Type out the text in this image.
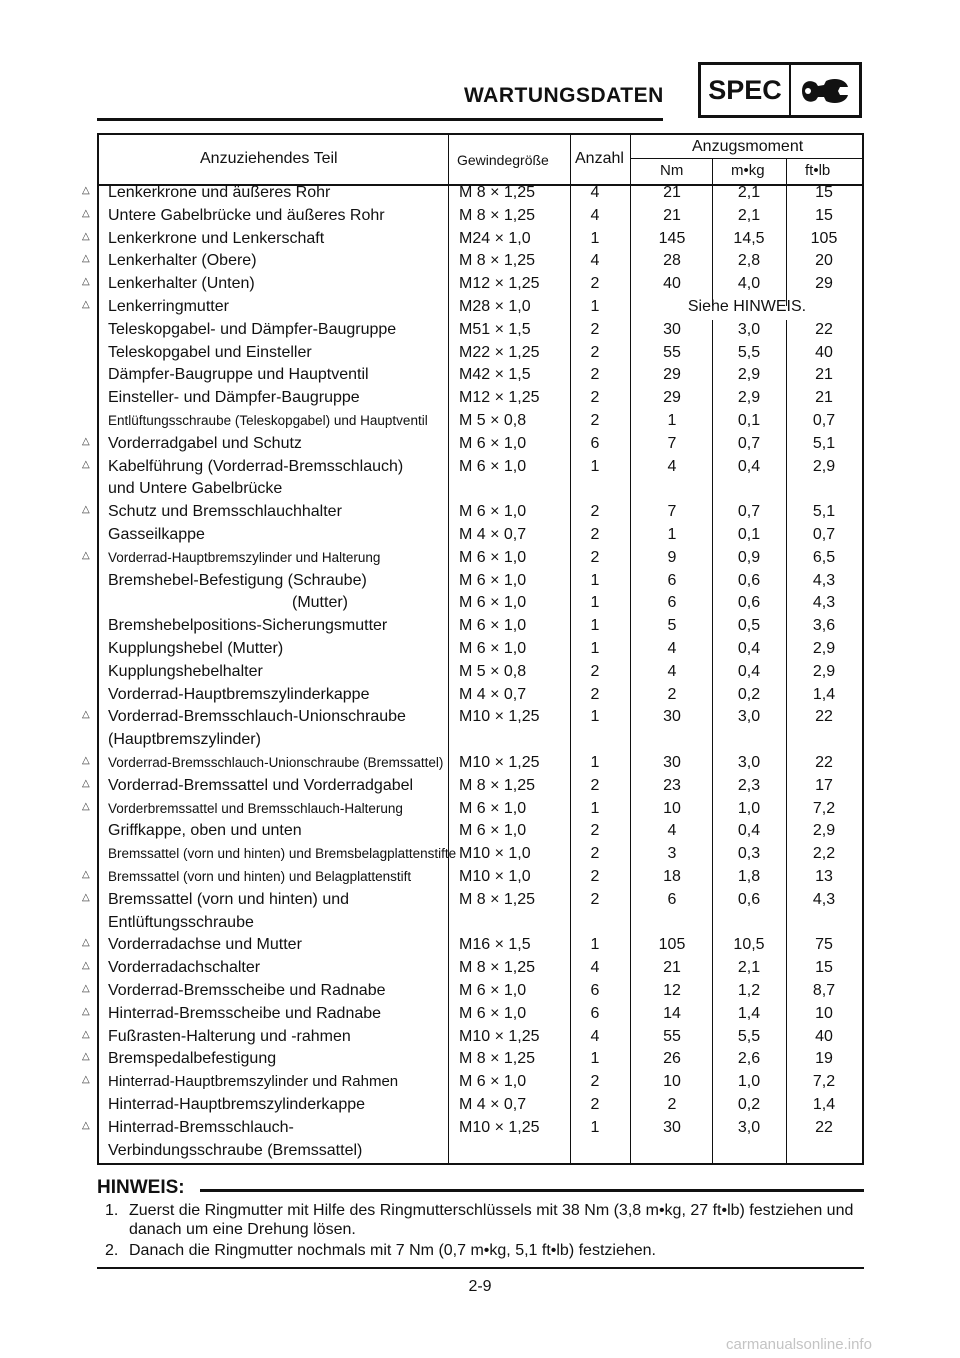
WARTUNGSDATEN SPEC
Anzuziehendes Teil	Gewindegröße Anzahl
Anzugsmoment
Nm	m•kg	ft•lb
△ Lenkerkrone und äußeres Rohr	M 8 × 1,25	4	21	2,1	15
△ Untere Gabelbrücke und äußeres Rohr	M 8 × 1,25	4	21	2,1	15
△ Lenkerkrone und Lenkerschaft	M24 × 1,0	1	145	14,5	105
△ Lenkerhalter (Obere)	M 8 × 1,25	4	28	2,8	20
△ Lenkerhalter (Unten)	M12 × 1,25	2	40	4,0	29
△ Lenkerringmutter	M28 × 1,0	1	Siehe HINWEIS.
Teleskopgabel- und Dämpfer-Baugruppe	M51 × 1,5	2	30	3,0	22
Teleskopgabel und Einsteller	M22 × 1,25	2	55	5,5	40
Dämpfer-Baugruppe und Hauptventil	M42 × 1,5	2	29	2,9	21
Einsteller- und Dämpfer-Baugruppe	M12 × 1,25	2	29	2,9	21
Entlüftungsschraube (Teleskopgabel) und Hauptventil M 5 × 0,8	2	1	0,1	0,7
△ Vorderradgabel und Schutz	M 6 × 1,0	6	7	0,7	5,1
△ Kabelführung (Vorderrad-Bremsschlauch)	M 6 × 1,0	1	4	0,4	2,9
und Untere Gabelbrücke
△ Schutz und Bremsschlauchhalter	M 6 × 1,0	2	7	0,7	5,1
Gasseilkappe	M 4 × 0,7	2	1	0,1	0,7
△ Vorderrad-Hauptbremszylinder und Halterung	M 6 × 1,0	2	9	0,9	6,5
Bremshebel-Befestigung (Schraube)	M 6 × 1,0	1	6	0,6	4,3
(Mutter)	M 6 × 1,0	1	6	0,6	4,3
Bremshebelpositions-Sicherungsmutter	M 6 × 1,0	1	5	0,5	3,6
Kupplungshebel (Mutter)	M 6 × 1,0	1	4	0,4	2,9
Kupplungshebelhalter	M 5 × 0,8	2	4	0,4	2,9
Vorderrad-Hauptbremszylinderkappe	M 4 × 0,7	2	2	0,2	1,4
△ Vorderrad-Bremsschlauch-Unionschraube	M10 × 1,25	1	30	3,0	22
(Hauptbremszylinder)
△ Vorderrad-Bremsschlauch-Unionschraube (Bremssattel) M10 × 1,25	1	30	3,0	22
△ Vorderrad-Bremssattel und Vorderradgabel	M 8 × 1,25	2	23	2,3	17
△ Vorderbremssattel und Bremsschlauch-Halterung	M 6 × 1,0	1	10	1,0	7,2
Griffkappe, oben und unten	M 6 × 1,0	2	4	0,4	2,9
Bremssattel (vorn und hinten) und Bremsbelagplattenstifte M10 × 1,0	2	3	0,3	2,2
△ Bremssattel (vorn und hinten) und Belagplattenstift	M10 × 1,0	2	18	1,8	13
△ Bremssattel (vorn und hinten) und	M 8 × 1,25	2	6	0,6	4,3
Entlüftungsschraube
△ Vorderradachse und Mutter	M16 × 1,5	1	105	10,5	75
△ Vorderradachschalter	M 8 × 1,25	4	21	2,1	15
△ Vorderrad-Bremsscheibe und Radnabe	M 6 × 1,0	6	12	1,2	8,7
△ Hinterrad-Bremsscheibe und Radnabe	M 6 × 1,0	6	14	1,4	10
△ Fußrasten-Halterung und -rahmen	M10 × 1,25	4	55	5,5	40
△ Bremspedalbefestigung	M 8 × 1,25	1	26	2,6	19
△ Hinterrad-Hauptbremszylinder und Rahmen	M 6 × 1,0	2	10	1,0	7,2
Hinterrad-Hauptbremszylinderkappe	M 4 × 0,7	2	2	0,2	1,4
△ Hinterrad-Bremsschlauch-	M10 × 1,25	1	30	3,0	22
Verbindungsschraube (Bremssattel)
HINWEIS:
1. Zuerst die Ringmutter mit Hilfe des Ringmutterschlüssels mit 38 Nm (3,8 m•kg, 27 ft•lb) festziehen und danach um eine Drehung lösen.
2. Danach die Ringmutter nochmals mit 7 Nm (0,7 m•kg, 5,1 ft•lb) festziehen.
2-9
carmanualsonline.info
